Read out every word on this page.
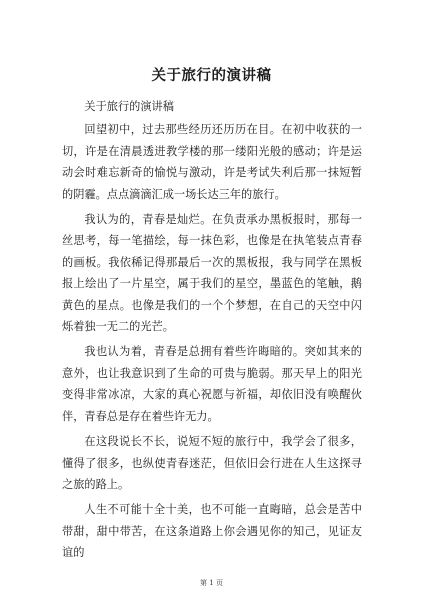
关于旅行的演讲稿

关于旅行的演讲稿

回望初中，过去那些经历还历历在目。在初中收获的一切，许是在清晨透进教学楼的那一缕阳光般的感动；许是运动会时难忘新奇的愉悦与激动，许是考试失利后那一抹短暂的阴霾。点点滴滴汇成一场长达三年的旅行。

我认为的，青春是灿烂。在负责承办黑板报时，那每一丝思考，每一笔描绘，每一抹色彩，也像是在执笔装点青春的画板。我依稀记得那最后一次的黑板报，我与同学在黑板报上绘出了一片星空，属于我们的星空，墨蓝色的笔触，鹅黄色的星点。也像是我们的一个个梦想，在自己的天空中闪烁着独一无二的光芒。

我也认为着，青春是总拥有着些许晦暗的。突如其来的意外，也让我意识到了生命的可贵与脆弱。那天早上的阳光变得非常冰凉，大家的真心祝愿与祈福，却依旧没有唤醒伙伴，青春总是存在着些许无力。

在这段说长不长，说短不短的旅行中，我学会了很多，懂得了很多，也纵使青春迷茫，但依旧会行进在人生这探寻之旅的路上。

人生不可能十全十美，也不可能一直晦暗，总会是苦中带甜，甜中带苦，在这条道路上你会遇见你的知己，见证友谊的

第 1 页
